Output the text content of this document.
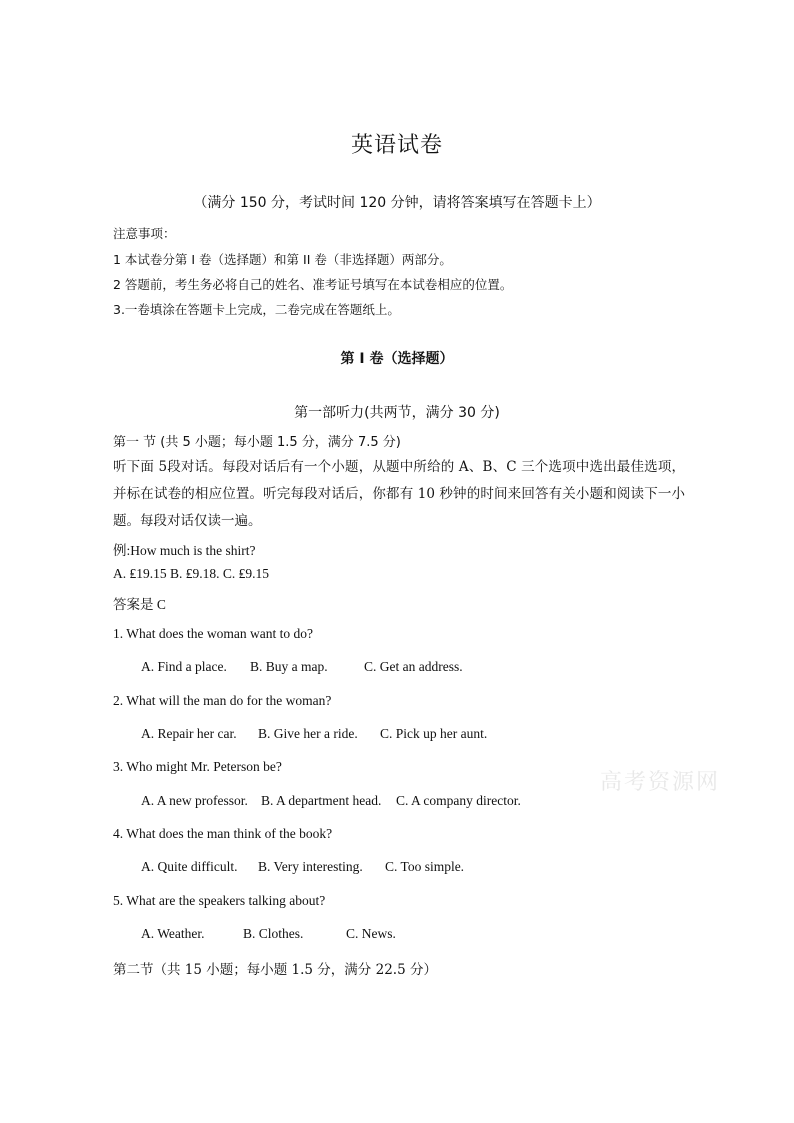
英语试卷
（满分 150 分，考试时间 120 分钟，请将答案填写在答题卡上）
注意事项：
1 本试卷分第 I 卷（选择题）和第 II 卷（非选择题）两部分。
2 答题前，考生务必将自己的姓名、准考证号填写在本试卷相应的位置。
3.一卷填涂在答题卡上完成，二卷完成在答题纸上。
第 I 卷（选择题）
第一部听力(共两节，满分 30 分)
第一 节 (共 5 小题；每小题 1.5 分，满分 7.5 分)
听下面 5段对话。每段对话后有一个小题，从题中所给的 A、B、C 三个选项中选出最佳选项，并标在试卷的相应位置。听完每段对话后，你都有 10 秒钟的时间来回答有关小题和阅读下一小题。每段对话仅读一遍。
例:How much is the shirt?
A. ₤19.15 B. ₤9.18. C. ₤9.15
答案是 C
1. What does the woman want to do?
A. Find a place. B. Buy a map.	C. Get an address.
2. What will the man do for the woman?
A. Repair her car. B. Give her a ride. C. Pick up her aunt.
3. Who might Mr. Peterson be?
A. A new professor. B. A department head. C. A company director.
4. What does the man think of the book?
A. Quite difficult. B. Very interesting. C. Too simple.
5. What are the speakers talking about?
A. Weather.	B. Clothes.	C. News.
第二节（共 15 小题；每小题 1.5 分，满分 22.5 分）
高考资源网
